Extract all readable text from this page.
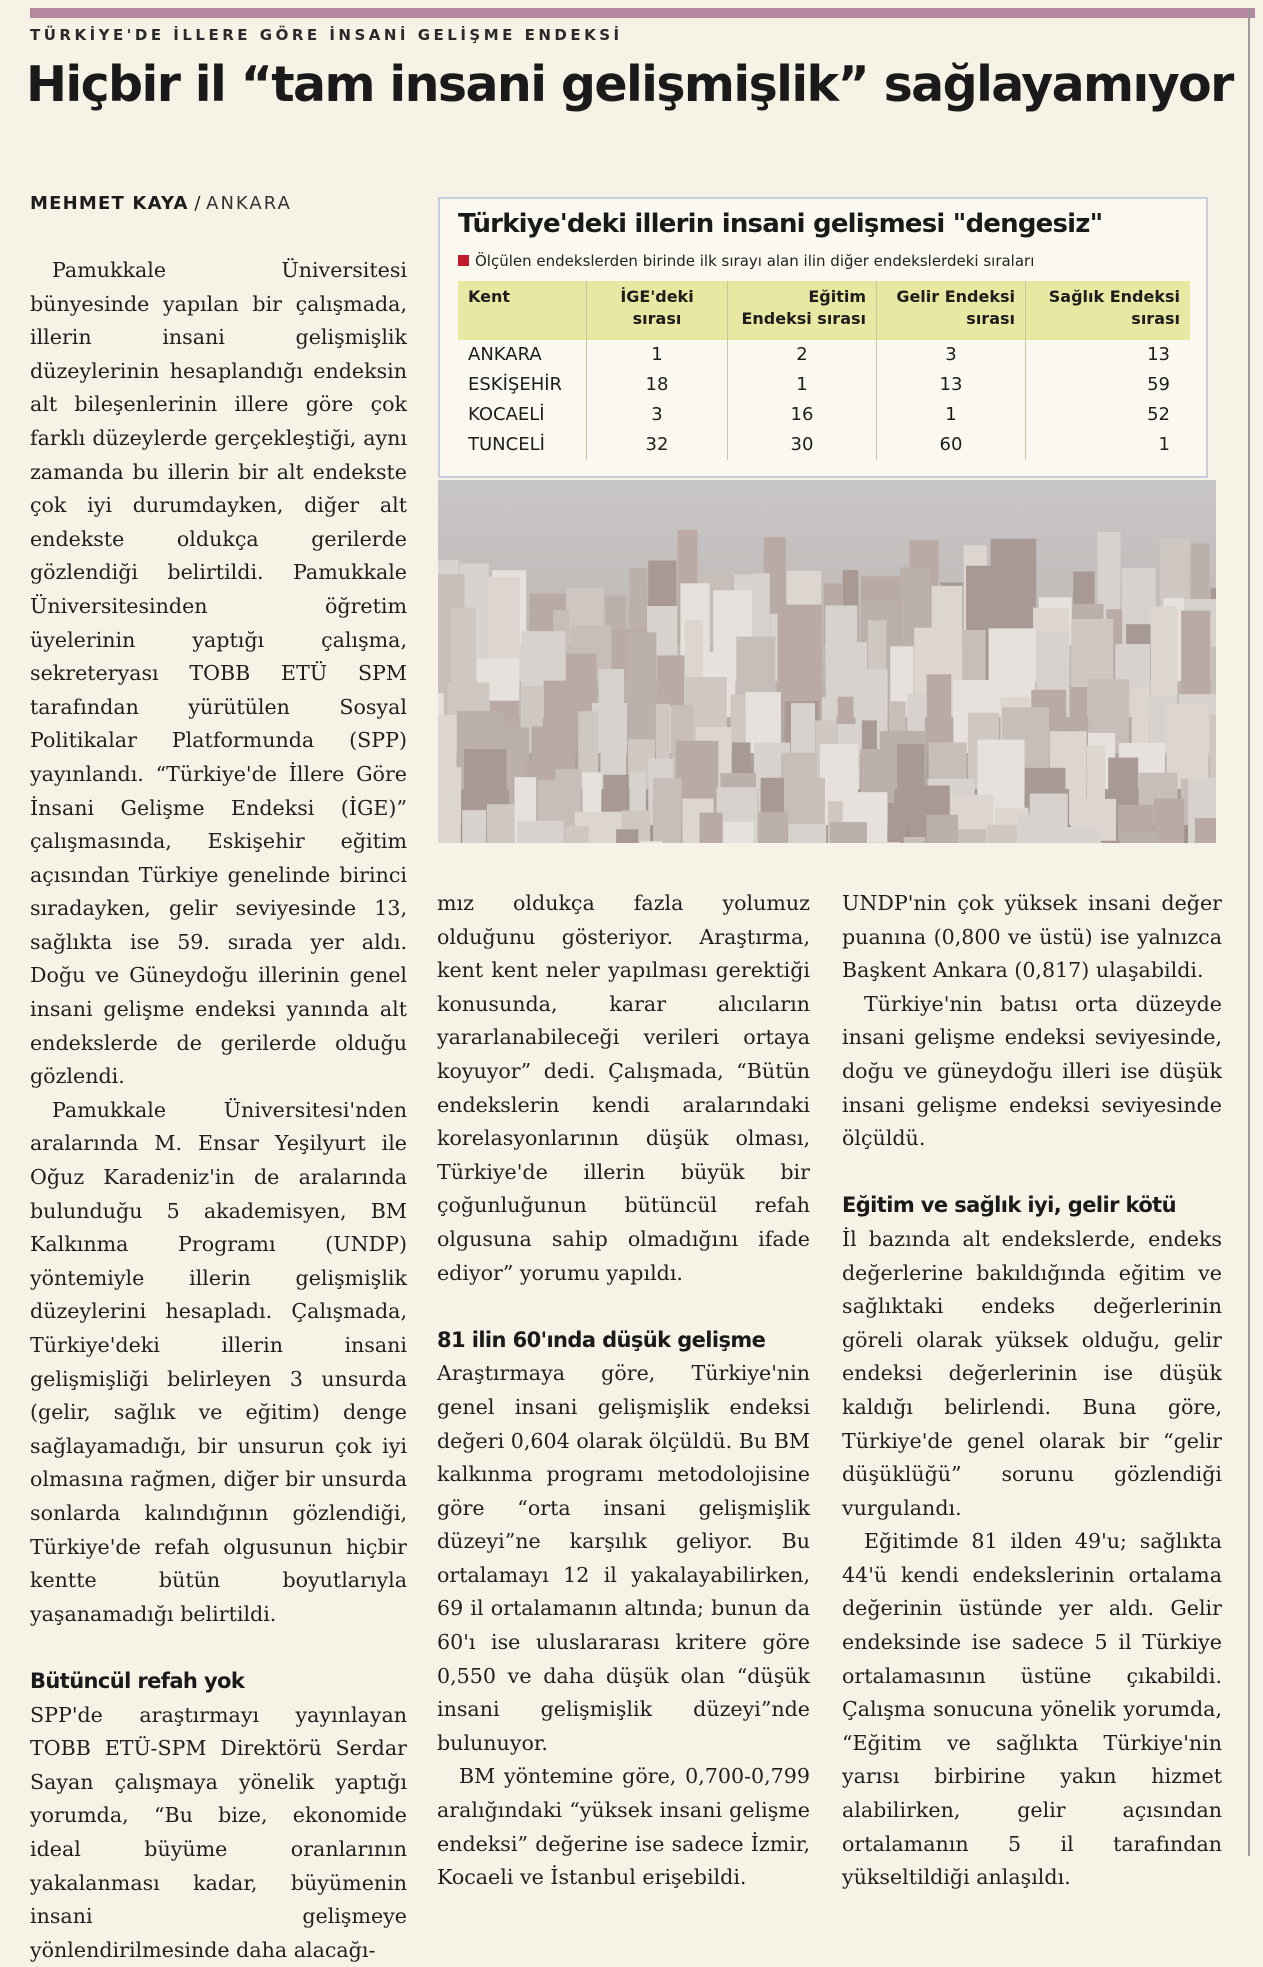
TÜRKİYE'DE İLLERE GÖRE İNSANİ GELİŞME ENDEKSİ
Hiçbir il “tam insani gelişmişlik” sağlayamıyor
MEHMET KAYA / ANKARA

Pamukkale Üniversitesi bünyesinde yapılan bir çalışmada, illerin insani gelişmişlik düzeylerinin hesaplandığı endeksin alt bileşenlerinin illere göre çok farklı düzeylerde gerçekleştiği, aynı zamanda bu illerin bir alt endekste çok iyi durumdayken, diğer alt endekste oldukça gerilerde gözlendiği belirtildi. Pamukkale Üniversitesinden öğretim üyelerinin yaptığı çalışma, sekreteryası TOBB ETÜ SPM tarafından yürütülen Sosyal Politikalar Platformunda (SPP) yayınlandı. “Türkiye'de İllere Göre İnsani Gelişme Endeksi (İGE)” çalışmasında, Eskişehir eğitim açısından Türkiye genelinde birinci sıradayken, gelir seviyesinde 13, sağlıkta ise 59. sırada yer aldı. Doğu ve Güneydoğu illerinin genel insani gelişme endeksi yanında alt endekslerde de gerilerde olduğu gözlendi.

Pamukkale Üniversitesi'nden aralarında M. Ensar Yeşilyurt ile Oğuz Karadeniz'in de aralarında bulunduğu 5 akademisyen, BM Kalkınma Programı (UNDP) yöntemiyle illerin gelişmişlik düzeylerini hesapladı. Çalışmada, Türkiye'deki illerin insani gelişmişliği belirleyen 3 unsurda (gelir, sağlık ve eğitim) denge sağlayamadığı, bir unsurun çok iyi olmasına rağmen, diğer bir unsurda sonlarda kalındığının gözlendiği, Türkiye'de refah olgusunun hiçbir kentte bütün boyutlarıyla yaşanamadığı belirtildi.

Bütüncül refah yok

SPP'de araştırmayı yayınlayan TOBB ETÜ-SPM Direktörü Serdar Sayan çalışmaya yönelik yaptığı yorumda, “Bu bize, ekonomide ideal büyüme oranlarının yakalanması kadar, büyümenin insani gelişmeye yönlendirilmesinde daha alacağı-

Türkiye'deki illerin insani gelişmesi "dengesiz"
Ölçülen endekslerden birinde ilk sırayı alan ilin diğer endekslerdeki sıraları
Kent	İGE'deki sırası	Eğitim Endeksi sırası	Gelir Endeksi sırası	Sağlık Endeksi sırası
ANKARA	1	2	3	13
ESKİŞEHİR	18	1	13	59
KOCAELİ	3	16	1	52
TUNCELİ	32	30	60	1

mız oldukça fazla yolumuz olduğunu gösteriyor. Araştırma, kent kent neler yapılması gerektiği konusunda, karar alıcıların yararlanabileceği verileri ortaya koyuyor” dedi. Çalışmada, “Bütün endekslerin kendi aralarındaki korelasyonlarının düşük olması, Türkiye'de illerin büyük bir çoğunluğunun bütüncül refah olgusuna sahip olmadığını ifade ediyor” yorumu yapıldı.

81 ilin 60'ında düşük gelişme

Araştırmaya göre, Türkiye'nin genel insani gelişmişlik endeksi değeri 0,604 olarak ölçüldü. Bu BM kalkınma programı metodolojisine göre “orta insani gelişmişlik düzeyi”ne karşılık geliyor. Bu ortalamayı 12 il yakalayabilirken, 69 il ortalamanın altında; bunun da 60'ı ise uluslararası kritere göre 0,550 ve daha düşük olan “düşük insani gelişmişlik düzeyi”nde bulunuyor.

BM yöntemine göre, 0,700-0,799 aralığındaki “yüksek insani gelişme endeksi” değerine ise sadece İzmir, Kocaeli ve İstanbul erişebildi.

UNDP'nin çok yüksek insani değer puanına (0,800 ve üstü) ise yalnızca Başkent Ankara (0,817) ulaşabildi.

Türkiye'nin batısı orta düzeyde insani gelişme endeksi seviyesinde, doğu ve güneydoğu illeri ise düşük insani gelişme endeksi seviyesinde ölçüldü.

Eğitim ve sağlık iyi, gelir kötü

İl bazında alt endekslerde, endeks değerlerine bakıldığında eğitim ve sağlıktaki endeks değerlerinin göreli olarak yüksek olduğu, gelir endeksi değerlerinin ise düşük kaldığı belirlendi. Buna göre, Türkiye'de genel olarak bir “gelir düşüklüğü” sorunu gözlendiği vurgulandı.

Eğitimde 81 ilden 49'u; sağlıkta 44'ü kendi endekslerinin ortalama değerinin üstünde yer aldı. Gelir endeksinde ise sadece 5 il Türkiye ortalamasının üstüne çıkabildi. Çalışma sonucuna yönelik yorumda, “Eğitim ve sağlıkta Türkiye'nin yarısı birbirine yakın hizmet alabilirken, gelir açısından ortalamanın 5 il tarafından yükseltildiği anlaşıldı.
